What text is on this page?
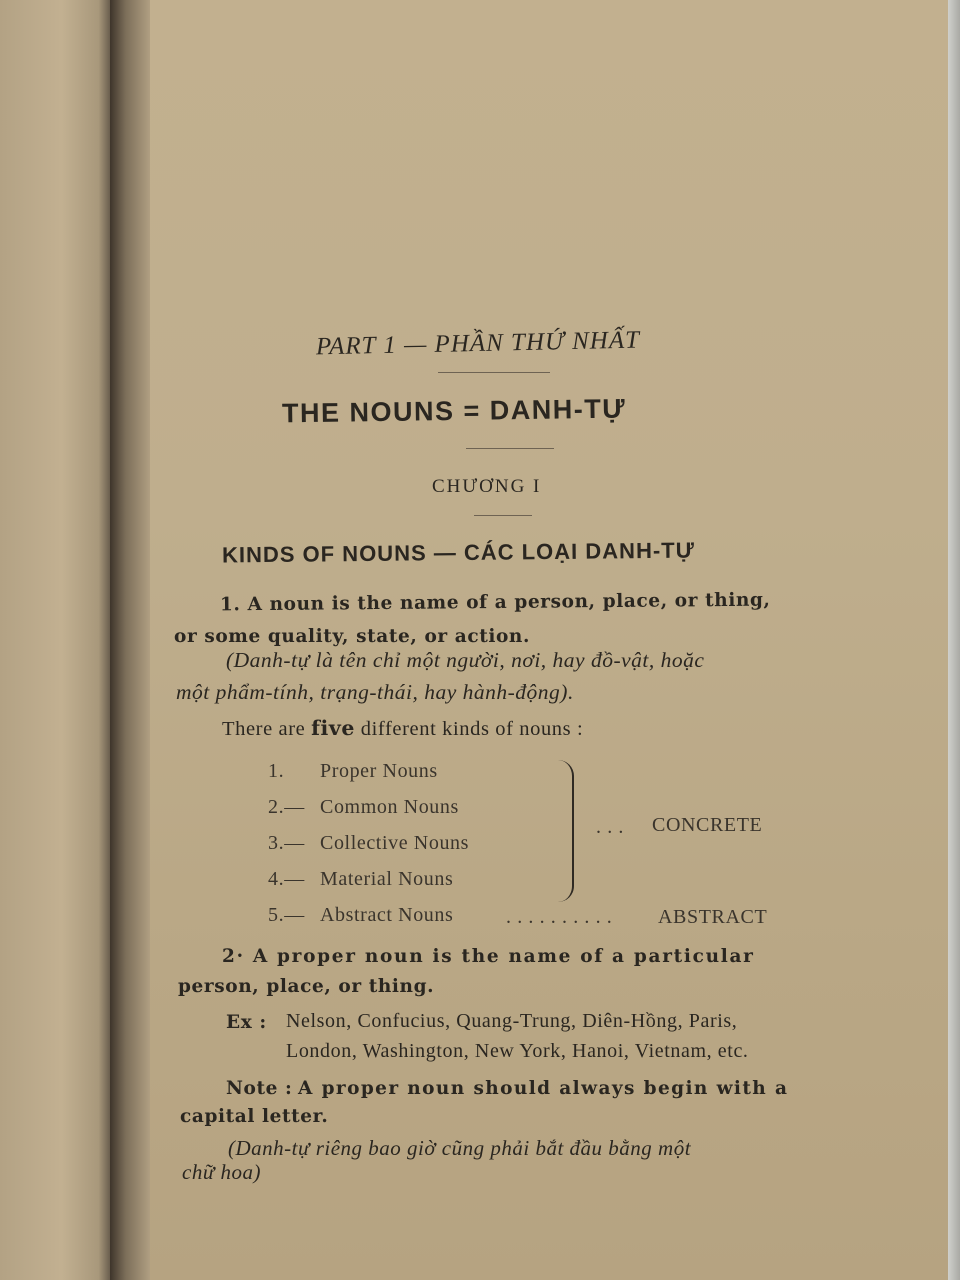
PART 1 — PHẦN THỨ NHẤT
THE NOUNS = DANH-TỰ
CHƯƠNG I
KINDS OF NOUNS — CÁC LOẠI DANH-TỰ
1. A noun is the name of a person, place, or thing,
or some quality, state, or action.
(Danh-tự là tên chỉ một người, nơi, hay đồ-vật, hoặc
một phẩm-tính, trạng-thái, hay hành-động).
There are five different kinds of nouns :
1. Proper Nouns
2.— Common Nouns
3.— Collective Nouns
4.— Material Nouns
5.— Abstract Nouns
. . . CONCRETE
. . . . . . . . . . ABSTRACT
2· A proper noun is the name of a particular
person, place, or thing.
Ex : Nelson, Confucius, Quang-Trung, Diên-Hồng, Paris,
London, Washington, New York, Hanoi, Vietnam, etc.
Note : A proper noun should always begin with a
capital letter.
(Danh-tự riêng bao giờ cũng phải bắt đầu bằng một
chữ hoa)
